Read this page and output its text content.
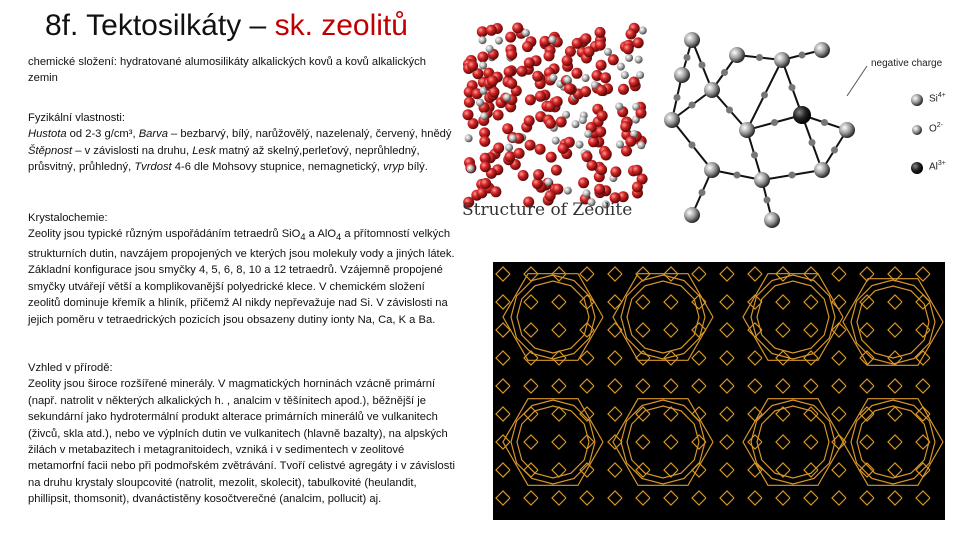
8f. Tektosilkáty – sk. zeolitů

chemické složení: hydratované alumosilikáty alkalických kovů a kovů alkalických zemin

Fyzikální vlastnosti:

Hustota od 2-3 g/cm³, Barva – bezbarvý, bílý, narůžovělý, nazelenalý, červený, hnědý Štěpnost – v závislosti na druhu, Lesk matný až skelný,perleťový, neprůhledný, průsvitný, průhledný, Tvrdost 4-6 dle Mohsovy stupnice, nemagnetický, vryp bílý.

Krystalochemie:

Zeolity jsou typické různým uspořádáním tetraedrů SiO$_4$ a AlO$_4$ a přítomností velkých strukturních dutin, navzájem propojených ve kterých jsou molekuly vody a jiných látek. Základní konfigurace jsou smyčky 4, 5, 6, 8, 10 a 12 tetraedrů. Vzájemně propojené smyčky utvářejí větší a komplikovanější polyedrické klece. V chemickém složení zeolitů dominuje křemík a hliník, přičemž Al nikdy nepřevažuje nad Si. V závislosti na jejich poměru v tetraedrických pozicích jsou obsazeny dutiny ionty Na, Ca, K a Ba.

Vzhled v přírodě:

Zeolity jsou široce rozšířené minerály. V magmatických horninách vzácně primární (např. natrolit v některých alkalických h. , analcim v těšínitech apod.), běžnější je sekundární jako hydrotermální produkt alterace primárních minerálů ve vulkanitech (živců, skla atd.), nebo ve výplních dutin ve vulkanitech (hlavně bazalty), na alpských žilách v metabazitech i metagranitoidech, vzniká i v sedimentech v zeolitové metamorfní facii nebo při podmořském zvětrávání. Tvoří celistvé agregáty i v závislosti na druhu krystaly sloupcovité (natrolit, mezolit, skolecit), tabulkovité (heulandit, phillipsit, thomsonit), dvanáctistěny kosočtverečné (analcim, pollucit) aj.

negative charge
$Si^{4+}$
$O^{2-}$
$Al^{3+}$
Structure of Zeolite
